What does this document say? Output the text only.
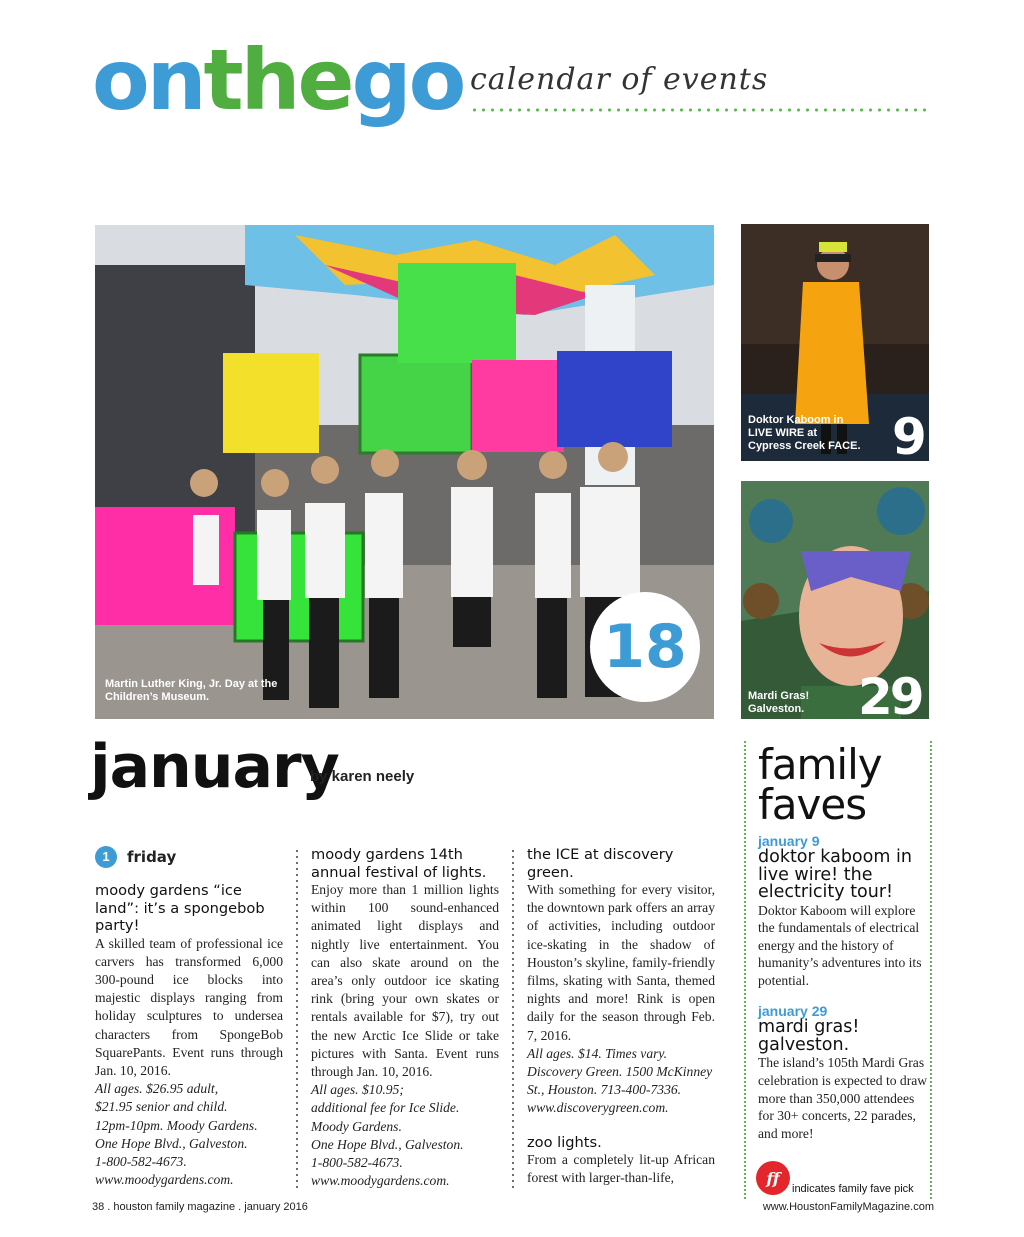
onthego calendar of events
Martin Luther King, Jr. Day at the
Children’s Museum.
18
Doktor Kaboom in
LIVE WIRE at
Cypress Creek FACE. 9
Mardi Gras!
Galveston. 29
january
by karen neely
1	friday
moody gardens “ice land”: it’s a spongebob party!

A skilled team of professional ice carvers has transformed 6,000 300-pound ice blocks into majestic displays ranging from holiday sculptures to undersea characters from SpongeBob SquarePants. Event runs through Jan. 10, 2016.

All ages. $26.95 adult,
$21.95 senior and child.
12pm-10pm. Moody Gardens.
One Hope Blvd., Galveston.
1-800-582-4673.
www.moodygardens.com.
moody gardens 14th annual festival of lights.

Enjoy more than 1 million lights within 100 sound-enhanced animated light displays and nightly live entertainment. You can also skate around on the area’s only outdoor ice skating rink (bring your own skates or rentals available for $7), try out the new Arctic Ice Slide or take pictures with Santa. Event runs through Jan. 10, 2016.

All ages. $10.95;
additional fee for Ice Slide.
Moody Gardens.
One Hope Blvd., Galveston.
1-800-582-4673.
www.moodygardens.com.
the ICE at discovery green.

With something for every visitor, the downtown park offers an array of activities, including outdoor ice-skating in the shadow of Houston’s skyline, family-friendly films, skating with Santa, themed nights and more! Rink is open daily for the season through Feb. 7, 2016.

All ages. $14. Times vary.
Discovery Green. 1500 McKinney
St., Houston. 713-400-7336.
www.discoverygreen.com.
zoo lights.

From a completely lit-up African forest with larger-than-life,

family
faves
january 9
doktor kaboom in live wire! the electricity tour!

Doktor Kaboom will explore the fundamentals of electrical energy and the history of humanity’s adventures into its potential.

january 29
mardi gras! galveston.

The island’s 105th Mardi Gras celebration is expected to draw more than 350,000 attendees for 30+ concerts, 22 parades, and more!

ff
indicates family fave pick
38 . houston family magazine . january 2016	www.HoustonFamilyMagazine.com
